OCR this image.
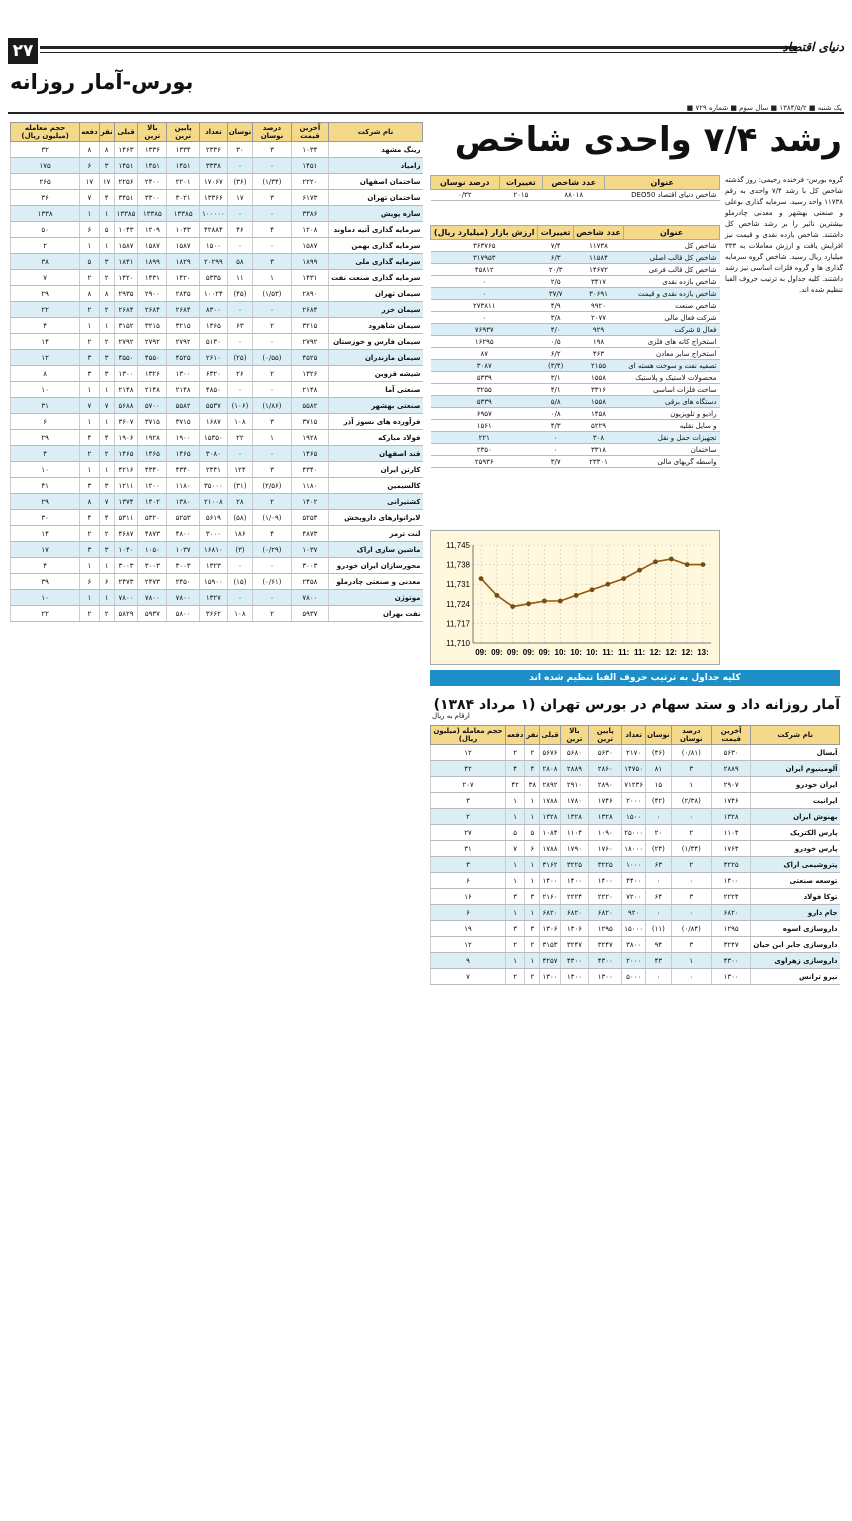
۲۷	دنیای اقتصاد
بورس-آمار روزانه
■ یک شنبه ■ ۱۳۸۴/۵/۲ ■ سال سوم ■ شماره ۷۲۹
نام شرکت	آخرین قیمت	درصد نوسان	نوسان	تعداد	پایین ترین	بالا ترین	قبلی	نفر	دفعه	حجم معامله (میلیون ریال)
رینگ مشهد	۱۰۳۴	۳	۳۰	۲۳۳۶	۱۳۳۴	۱۳۳۶	۱۴۶۳	۸	۸	۳۲
زامیاد	۱۴۵۱	۰	۰	۳۳۳۸	۱۴۵۱	۱۴۵۱	۱۴۵۱	۳	۶	۱۷۵
ساختمان اصفهان	۲۲۲۰	(۱/۳۴)	(۳۶)	۱۷۰۶۷	۲۲۰۱	۲۴۰۰	۲۲۵۶	۱۷	۱۷	۲۶۵
ساختمان تهران	۶۱۷۳	۳	۱۷	۱۳۳۶۶	۳۰۲۱	۳۳۰۰	۳۴۵۱	۴	۷	۳۶
سازه پویش	۳۳۸۶	۰	۰	۱۰۰۰۰۰	۱۳۳۸۵	۱۳۳۸۵	۱۳۳۸۵	۱	۱	۱۳۳۸
سرمایه گذاری آتیه دماوند	۱۲۰۸	۴	۴۶	۴۲۸۸۴	۱۰۴۳	۱۲۰۹	۱۰۴۳	۵	۶	۵۰
سرمایه گذاری بهمن	۱۵۸۷	۰	۰	۱۵۰۰	۱۵۸۷	۱۵۸۷	۱۵۸۷	۱	۱	۲
سرمایه گذاری ملی	۱۸۹۹	۳	۵۸	۲۰۲۹۹	۱۸۲۹	۱۸۹۹	۱۸۴۱	۳	۵	۳۸
سرمایه گذاری صنعت نفت	۱۴۳۱	۱	۱۱	۵۳۳۵	۱۴۲۰	۱۴۳۱	۱۴۲۰	۲	۲	۷
سیمان تهران	۲۸۹۰	(۱/۵۳)	(۴۵)	۱۰۰۲۴	۲۸۴۵	۲۹۰۰	۲۹۳۵	۸	۸	۲۹
سیمان خزر	۲۶۸۴	۰	۰	۸۳۰۰	۲۶۸۴	۲۶۸۴	۲۶۸۴	۲	۲	۲۲
سیمان شاهرود	۳۲۱۵	۲	۶۳	۱۳۶۵	۳۲۱۵	۳۲۱۵	۳۱۵۲	۱	۱	۴
سیمان فارس و خوزستان	۲۷۹۲	۰	۰	۵۱۳۰	۲۷۹۲	۲۷۹۲	۲۷۹۲	۲	۲	۱۴
سیمان مازندران	۴۵۲۵	(۰/۵۵)	(۲۵)	۲۶۱۰	۴۵۲۵	۴۵۵۰	۴۵۵۰	۳	۳	۱۲
شیشه قزوین	۱۳۲۶	۲	۲۶	۶۳۲۰	۱۳۰۰	۱۳۲۶	۱۳۰۰	۳	۳	۸
صنعتی آما	۲۱۴۸	۰	۰	۴۸۵۰	۲۱۴۸	۲۱۴۸	۲۱۴۸	۱	۱	۱۰
صنعتی بهشهر	۵۵۸۲	(۱/۸۶)	(۱۰۶)	۵۵۳۷	۵۵۸۲	۵۷۰۰	۵۶۸۸	۷	۷	۳۱
فرآورده های نسوز آذر	۳۷۱۵	۳	۱۰۸	۱۶۸۷	۳۷۱۵	۳۷۱۵	۳۶۰۷	۱	۱	۶
فولاد مبارکه	۱۹۲۸	۱	۲۲	۱۵۳۵۰	۱۹۰۰	۱۹۲۸	۱۹۰۶	۴	۴	۲۹
قند اصفهان	۱۴۶۵	۰	۰	۳۰۸۰	۱۴۶۵	۱۴۶۵	۱۴۶۵	۲	۲	۴
کارتن ایران	۴۳۴۰	۳	۱۲۴	۲۴۴۱	۴۳۴۰	۴۳۴۰	۴۲۱۶	۱	۱	۱۰
کالسیمین	۱۱۸۰	(۲/۵۶)	(۳۱)	۳۵۰۰۰	۱۱۸۰	۱۲۰۰	۱۲۱۱	۳	۳	۴۱
کشتیرانی	۱۴۰۲	۲	۲۸	۲۱۰۰۸	۱۳۸۰	۱۴۰۲	۱۳۷۴	۷	۸	۲۹
لابراتوارهای داروپخش	۵۲۵۳	(۱/۰۹)	(۵۸)	۵۶۱۹	۵۲۵۳	۵۳۲۰	۵۳۱۱	۴	۴	۳۰
لنت ترمز	۴۸۷۳	۴	۱۸۶	۳۰۰۰	۴۸۰۰	۴۸۷۳	۴۶۸۷	۲	۲	۱۴
ماشین سازی اراک	۱۰۳۷	(۰/۲۹)	(۳)	۱۶۸۱۰	۱۰۳۷	۱۰۵۰	۱۰۴۰	۳	۳	۱۷
محورسازان ایران خودرو	۳۰۰۳	۰	۰	۱۳۲۳	۳۰۰۳	۳۰۰۳	۳۰۰۳	۱	۱	۴
معدنی و صنعتی چادرملو	۲۴۵۸	(۰/۶۱)	(۱۵)	۱۵۹۰۰	۲۴۵۰	۲۴۷۳	۲۴۷۳	۶	۶	۳۹
موتوژن	۷۸۰۰	۰	۰	۱۳۲۷	۷۸۰۰	۷۸۰۰	۷۸۰۰	۱	۱	۱۰
نفت بهران	۵۹۳۷	۲	۱۰۸	۳۶۶۲	۵۸۰۰	۵۹۳۷	۵۸۲۹	۲	۲	۲۲
رشد ۷/۴ واحدی شاخص
گروه بورس- فرخنده رحیمی: روز گذشته شاخص کل با رشد ۷/۴ واحدی به رقم ۱۱۷۳۸ واحد رسید. سرمایه گذاری بوعلی و صنعتی بهشهر و معدنی چادرملو بیشترین تاثیر را بر رشد شاخص کل داشتند. شاخص بازده نقدی و قیمت نیز افزایش یافت و ارزش معاملات به ۳۳۳ میلیارد ریال رسید. شاخص گروه سرمایه گذاری ها و گروه فلزات اساسی نیز رشد داشتند. کلیه جداول به ترتیب حروف الفبا تنظیم شده اند.
عنوان	عدد شاخص	تغییرات	درصد نوسان
شاخص دنیای اقتصاد DEO50	۸۸۰۱۸	۲۰۱۵	۰/۳۲
عنوان	عدد شاخص	تغییرات	ارزش بازار (میلیارد ریال)
شاخص کل	۱۱۷۳۸	۷/۴	۳۶۳۷۶۵
شاخص کل قالب اصلی	۱۱۵۸۴	۶/۳	۳۱۷۹۵۳
شاخص کل قالب فرعی	۱۴۶۷۲	۲۰/۳	۴۵۸۱۲
شاخص بازده نقدی	۳۴۱۷	۲/۵	۰
شاخص بازده نقدی و قیمت	۳۰۶۹۱	۳۷/۷	۰
شاخص صنعت	۹۹۲۰	۴/۹	۲۷۳۸۱۱
شرکت فعال مالی	۲۰۷۷	۳/۸	۰
فعال ۵ شرکت	۹۲۹	۴/۰	۷۶۹۳۷
استخراج کانه های فلزی	۱۹۸	۰/۵	۱۶۲۹۵
استخراج سایر معادن	۴۶۳	۶/۲	۸۷
تصفیه نفت و سوخت هسته ای	۲۱۵۵	(۳/۴)	۳۰۸۷
محصولات لاستیک و پلاستیک	۱۵۵۸	۳/۱	۵۳۳۹
ساخت فلزات اساسی	۳۳۱۶	۴/۱	۳۲۵۵
دستگاه های برقی	۱۵۵۸	۵/۸	۵۳۳۹
رادیو و تلویزیون	۱۴۵۸	۰/۸	۶۹۵۷
و سایل نقلیه	۵۲۲۹	۴/۳	۱۵۶۱
تجهیزات حمل و نقل	۳۰۸	۰	۲۲۱
ساختمان	۳۳۱۸	۰	۲۳۵۰
واسطه گریهای مالی	۲۳۳۰۱	۳/۷	۲۵۹۳۶
11,745
11,738
11,731
11,724
11,717
11,710
09: 09: 09: 09: 09: 10: 10: 10: 11: 11: 11: 12: 12: 12: 13:
کلیه جداول به ترتیب حروف الفبا تنظیم شده اند
آمار روزانه داد و ستد سهام در بورس تهران (۱ مرداد ۱۳۸۴)
ارقام به ریال
نام شرکت	آخرین قیمت	درصد نوسان	نوسان	تعداد	پایین ترین	بالا ترین	قبلی	نفر	دفعه	حجم معامله (میلیون ریال)
آبسال	۵۶۳۰	(۰/۸۱)	(۴۶)	۲۱۷۰	۵۶۳۰	۵۶۸۰	۵۶۷۶	۲	۲	۱۲
آلومینیوم ایران	۲۸۸۹	۳	۸۱	۱۴۷۵۰	۲۸۶۰	۲۸۸۹	۲۸۰۸	۴	۴	۴۲
ایران خودرو	۲۹۰۷	۱	۱۵	۷۱۲۳۶	۲۸۹۰	۲۹۱۰	۲۸۹۲	۳۸	۴۲	۲۰۷
ایرانیت	۱۷۴۶	(۲/۳۸)	(۴۲)	۲۰۰۰	۱۷۴۶	۱۷۸۰	۱۷۸۸	۱	۱	۳
بهنوش ایران	۱۳۲۸	۰	۰	۱۵۰۰	۱۳۲۸	۱۳۲۸	۱۳۲۸	۱	۱	۲
پارس الکتریک	۱۱۰۴	۲	۲۰	۲۵۰۰۰	۱۰۹۰	۱۱۰۴	۱۰۸۴	۵	۵	۲۷
پارس خودرو	۱۷۶۴	(۱/۳۴)	(۲۴)	۱۸۰۰۰	۱۷۶۰	۱۷۹۰	۱۷۸۸	۶	۷	۳۱
پتروشیمی اراک	۳۲۲۵	۲	۶۳	۱۰۰۰	۳۲۲۵	۳۲۲۵	۳۱۶۲	۱	۱	۳
توسعه صنعتی	۱۴۰۰	۰	۰	۴۴۰۰	۱۴۰۰	۱۴۰۰	۱۴۰۰	۱	۱	۶
توکا فولاد	۲۲۲۴	۳	۶۴	۷۲۰۰	۲۲۲۰	۲۲۲۴	۲۱۶۰	۳	۳	۱۶
جام دارو	۶۸۲۰	۰	۰	۹۲۰	۶۸۲۰	۶۸۲۰	۶۸۲۰	۱	۱	۶
داروسازی اسوه	۱۲۹۵	(۰/۸۴)	(۱۱)	۱۵۰۰۰	۱۲۹۵	۱۳۰۶	۱۳۰۶	۳	۳	۱۹
داروسازی جابر ابن حیان	۳۲۴۷	۳	۹۴	۳۸۰۰	۳۲۴۷	۳۲۴۷	۳۱۵۳	۲	۲	۱۲
داروسازی زهراوی	۴۳۰۰	۱	۴۳	۲۰۰۰	۴۳۰۰	۴۳۰۰	۴۲۵۷	۱	۱	۹
نیرو ترانس	۱۳۰۰	۰	۰	۵۰۰۰	۱۳۰۰	۱۳۰۰	۱۳۰۰	۲	۲	۷
